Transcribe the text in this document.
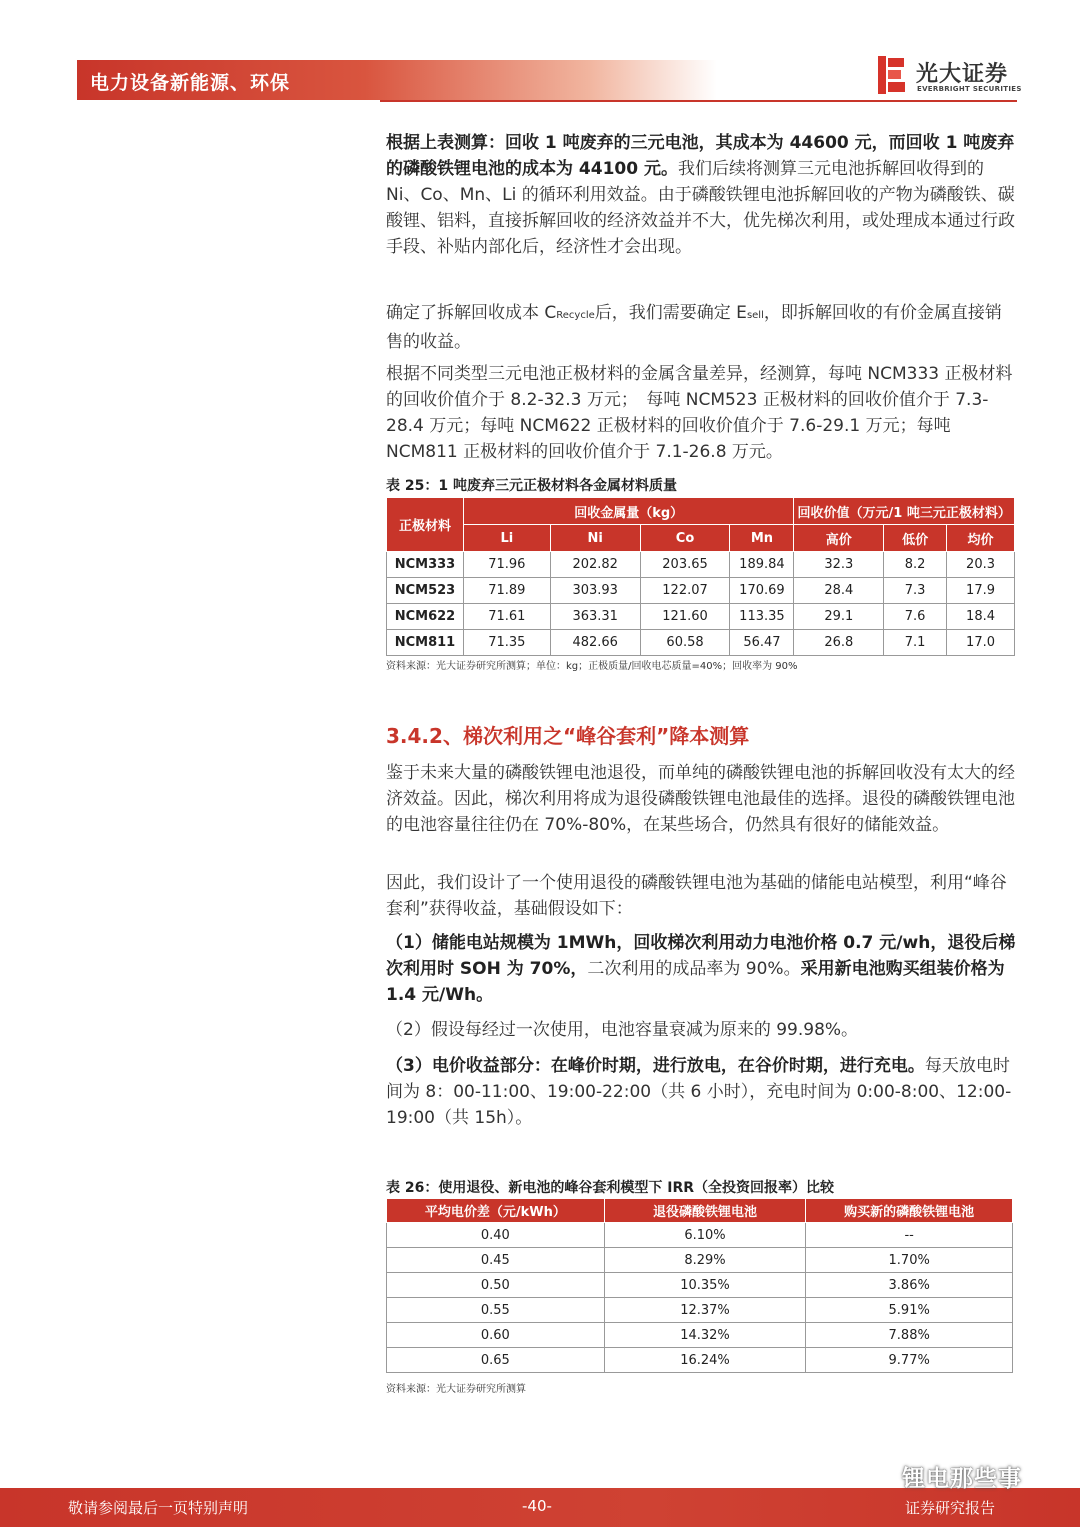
电力设备新能源、环保	光大证券
EVERBRIGHT SECURITIES
根据上表测算：回收 1 吨废弃的三元电池，其成本为 44600 元，而回收 1 吨废弃的磷酸铁锂电池的成本为 44100 元。我们后续将测算三元电池拆解回收得到的 Ni、Co、Mn、Li 的循环利用效益。由于磷酸铁锂电池拆解回收的产物为磷酸铁、碳酸锂、铝料，直接拆解回收的经济效益并不大，优先梯次利用，或处理成本通过行政手段、补贴内部化后，经济性才会出现。
确定了拆解回收成本 CRecycle后，我们需要确定 Esell，即拆解回收的有价金属直接销售的收益。
根据不同类型三元电池正极材料的金属含量差异，经测算，每吨 NCM333 正极材料的回收价值介于 8.2-32.3 万元；　每吨 NCM523 正极材料的回收价值介于 7.3-28.4 万元；每吨 NCM622 正极材料的回收价值介于 7.6-29.1 万元；每吨 NCM811 正极材料的回收价值介于 7.1-26.8 万元。
表 25：1 吨废弃三元正极材料各金属材料质量
正极材料	回收金属量（kg）				回收价值（万元/1 吨三元正极材料）		
	Li	Ni	Co	Mn	高价	低价	均价
NCM333	71.96	202.82	203.65	189.84	32.3	8.2	20.3
NCM523	71.89	303.93	122.07	170.69	28.4	7.3	17.9
NCM622	71.61	363.31	121.60	113.35	29.1	7.6	18.4
NCM811	71.35	482.66	60.58	56.47	26.8	7.1	17.0
资料来源：光大证券研究所测算；单位：kg；正极质量/回收电芯质量=40%；回收率为 90%
3.4.2、梯次利用之“峰谷套利”降本测算
鉴于未来大量的磷酸铁锂电池退役，而单纯的磷酸铁锂电池的拆解回收没有太大的经济效益。因此，梯次利用将成为退役磷酸铁锂电池最佳的选择。退役的磷酸铁锂电池的电池容量往往仍在 70%-80%，在某些场合，仍然具有很好的储能效益。
因此，我们设计了一个使用退役的磷酸铁锂电池为基础的储能电站模型，利用“峰谷套利”获得收益，基础假设如下：
（1）储能电站规模为 1MWh，回收梯次利用动力电池价格 0.7 元/wh，退役后梯次利用时 SOH 为 70%，二次利用的成品率为 90%。采用新电池购买组装价格为 1.4 元/Wh。
（2）假设每经过一次使用，电池容量衰减为原来的 99.98%。
（3）电价收益部分：在峰价时期，进行放电，在谷价时期，进行充电。每天放电时间为 8：00-11:00、19:00-22:00（共 6 小时），充电时间为 0:00-8:00、12:00-19:00（共 15h）。
表 26：使用退役、新电池的峰谷套利模型下 IRR（全投资回报率）比较
平均电价差（元/kWh）	退役磷酸铁锂电池	购买新的磷酸铁锂电池
0.40	6.10%	--
0.45	8.29%	1.70%
0.50	10.35%	3.86%
0.55	12.37%	5.91%
0.60	14.32%	7.88%
0.65	16.24%	9.77%
资料来源：光大证券研究所测算
敬请参阅最后一页特别声明	-40-	证券研究报告
锂电那些事
